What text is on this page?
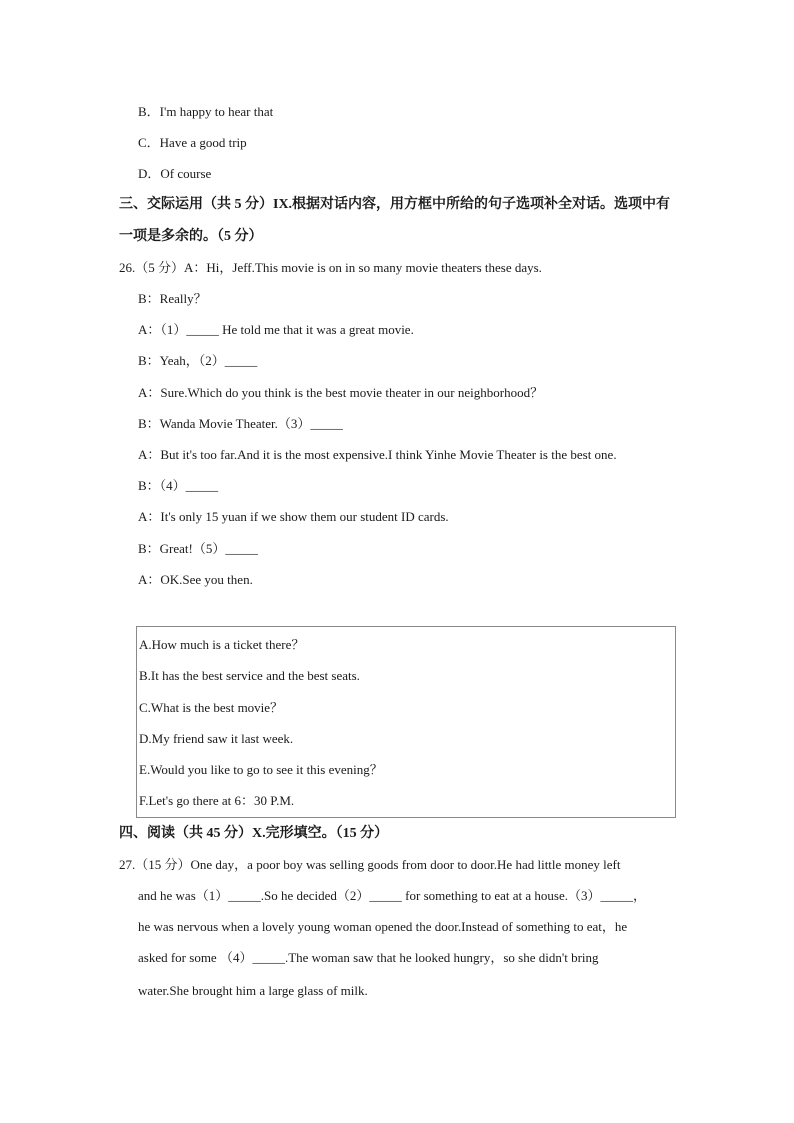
B．I'm happy to hear that
C．Have a good trip
D．Of course
三、交际运用（共 5 分）IX.根据对话内容，用方框中所给的句子选项补全对话。选项中有
一项是多余的。（5 分）
26.（5 分）A：Hi，Jeff.This movie is on in so many movie theaters these days.
B：Really？
A：（1）_____ He told me that it was a great movie.
B：Yeah，（2）_____
A：Sure.Which do you think is the best movie theater in our neighborhood？
B：Wanda Movie Theater.（3）_____
A：But it's too far.And it is the most expensive.I think Yinhe Movie Theater is the best one.
B：（4）_____
A：It's only 15 yuan if we show them our student ID cards.
B：Great!（5）_____
A：OK.See you then.
A.How much is a ticket there？
B.It has the best service and the best seats.
C.What is the best movie？
D.My friend saw it last week.
E.Would you like to go to see it this evening？
F.Let's go there at 6：30 P.M.
四、阅读（共 45 分）X.完形填空。（15 分）
27.（15 分）One day，a poor boy was selling goods from door to door.He had little money left
and he was（1）_____.So he decided（2）_____ for something to eat at a house.（3）_____，
he was nervous when a lovely young woman opened the door.Instead of something to eat，he
asked for some （4）_____.The woman saw that he looked hungry，so she didn't bring
water.She brought him a large glass of milk.
